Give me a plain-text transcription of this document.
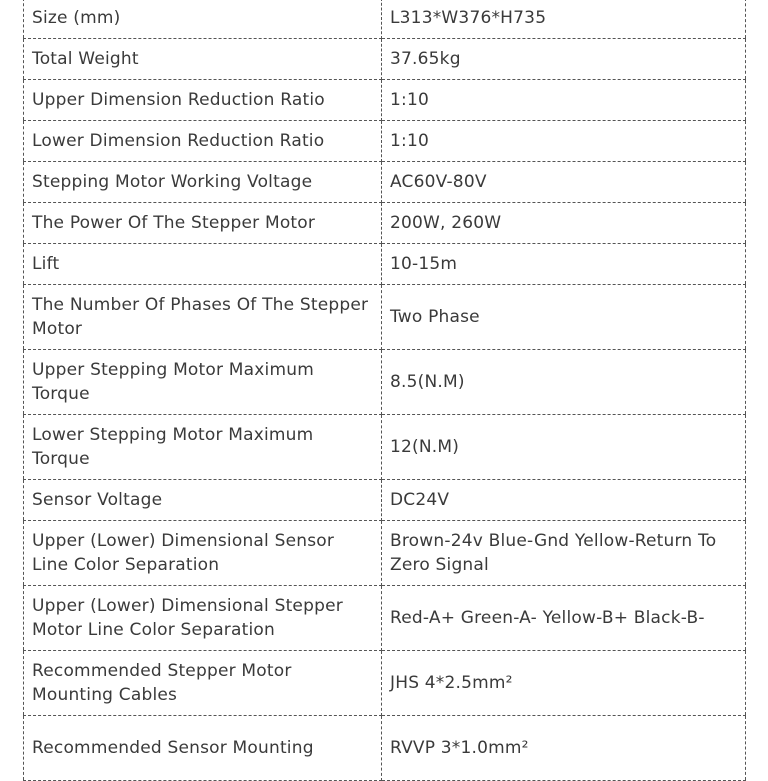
Size (mm)	L313*W376*H735
Total Weight	37.65kg
Upper Dimension Reduction Ratio	1:10
Lower Dimension Reduction Ratio	1:10
Stepping Motor Working Voltage	AC60V-80V
The Power Of The Stepper Motor	200W, 260W
Lift	10-15m
The Number Of Phases Of The Stepper Motor	Two Phase
Upper Stepping Motor Maximum Torque	8.5(N.M)
Lower Stepping Motor Maximum Torque	12(N.M)
Sensor Voltage	DC24V
Upper (Lower) Dimensional Sensor Line Color Separation	Brown-24v Blue-Gnd Yellow-Return To Zero Signal
Upper (Lower) Dimensional Stepper Motor Line Color Separation	Red-A+ Green-A- Yellow-B+ Black-B-
Recommended Stepper Motor Mounting Cables	JHS 4*2.5mm²
Recommended Sensor Mounting	RVVP 3*1.0mm²
